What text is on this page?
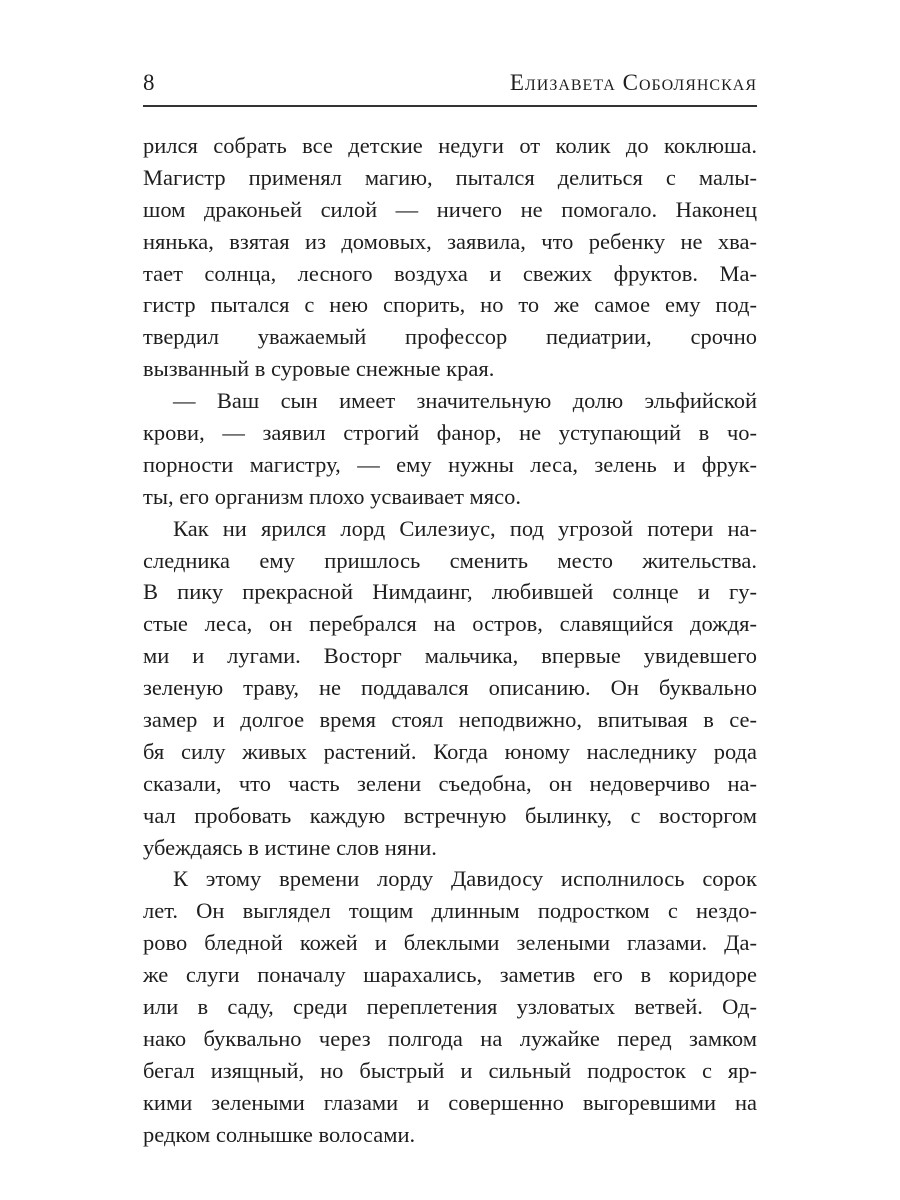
8	Елизавета Соболянская
рился собрать все детские недуги от колик до коклюша.
Магистр применял магию, пытался делиться с малы-
шом драконьей силой — ничего не помогало. Наконец
нянька, взятая из домовых, заявила, что ребенку не хва-
тает солнца, лесного воздуха и свежих фруктов. Ма-
гистр пытался с нею спорить, но то же самое ему под-
твердил уважаемый профессор педиатрии, срочно
вызванный в суровые снежные края.
— Ваш сын имеет значительную долю эльфийской
крови, — заявил строгий фанор, не уступающий в чо-
порности магистру, — ему нужны леса, зелень и фрук-
ты, его организм плохо усваивает мясо.
Как ни ярился лорд Силезиус, под угрозой потери на-
следника ему пришлось сменить место жительства.
В пику прекрасной Нимдаинг, любившей солнце и гу-
стые леса, он перебрался на остров, славящийся дождя-
ми и лугами. Восторг мальчика, впервые увидевшего
зеленую траву, не поддавался описанию. Он буквально
замер и долгое время стоял неподвижно, впитывая в се-
бя силу живых растений. Когда юному наследнику рода
сказали, что часть зелени съедобна, он недоверчиво на-
чал пробовать каждую встречную былинку, с восторгом
убеждаясь в истине слов няни.
К этому времени лорду Давидосу исполнилось сорок
лет. Он выглядел тощим длинным подростком с нездо-
рово бледной кожей и блеклыми зелеными глазами. Да-
же слуги поначалу шарахались, заметив его в коридоре
или в саду, среди переплетения узловатых ветвей. Од-
нако буквально через полгода на лужайке перед замком
бегал изящный, но быстрый и сильный подросток с яр-
кими зелеными глазами и совершенно выгоревшими на
редком солнышке волосами.
